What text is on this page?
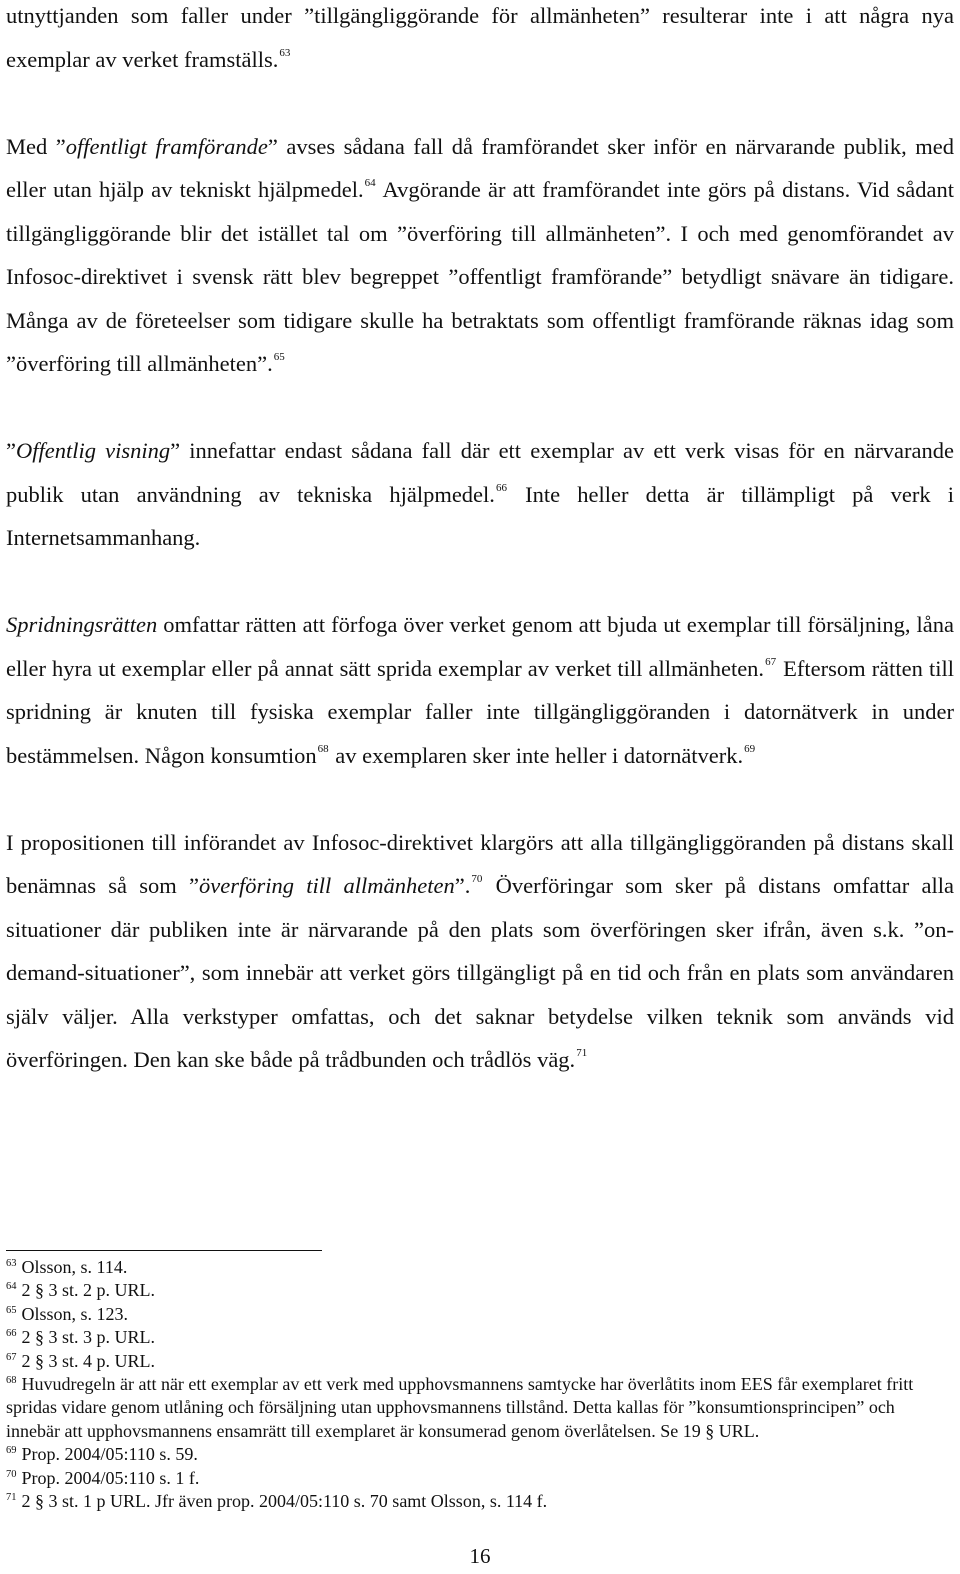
utnyttjanden som faller under ”tillgängliggörande för allmänheten” resulterar inte i att några nya exemplar av verket framställs.$^{63}$

Med ”offentligt framförande” avses sådana fall då framförandet sker inför en närvarande publik, med eller utan hjälp av tekniskt hjälpmedel.$^{64}$ Avgörande är att framförandet inte görs på distans. Vid sådant tillgängliggörande blir det istället tal om ”överföring till allmänheten”. I och med genomförandet av Infosoc-direktivet i svensk rätt blev begreppet ”offentligt framförande” betydligt snävare än tidigare. Många av de företeelser som tidigare skulle ha betraktats som offentligt framförande räknas idag som ”överföring till allmänheten”.$^{65}$

”Offentlig visning” innefattar endast sådana fall där ett exemplar av ett verk visas för en närvarande publik utan användning av tekniska hjälpmedel.$^{66}$ Inte heller detta är tillämpligt på verk i Internetsammanhang.

Spridningsrätten omfattar rätten att förfoga över verket genom att bjuda ut exemplar till försäljning, låna eller hyra ut exemplar eller på annat sätt sprida exemplar av verket till allmänheten.$^{67}$ Eftersom rätten till spridning är knuten till fysiska exemplar faller inte tillgängliggöranden i datornätverk in under bestämmelsen. Någon konsumtion$^{68}$ av exemplaren sker inte heller i datornätverk.$^{69}$

I propositionen till införandet av Infosoc-direktivet klargörs att alla tillgängliggöranden på distans skall benämnas så som ”överföring till allmänheten”.$^{70}$ Överföringar som sker på distans omfattar alla situationer där publiken inte är närvarande på den plats som överföringen sker ifrån, även s.k. ”on-demand-situationer”, som innebär att verket görs tillgängligt på en tid och från en plats som användaren själv väljer. Alla verkstyper omfattas, och det saknar betydelse vilken teknik som används vid överföringen. Den kan ske både på trådbunden och trådlös väg.$^{71}$

$^{63}$ Olsson, s. 114.
$^{64}$ 2 § 3 st. 2 p. URL.
$^{65}$ Olsson, s. 123.
$^{66}$ 2 § 3 st. 3 p. URL.
$^{67}$ 2 § 3 st. 4 p. URL.
$^{68}$ Huvudregeln är att när ett exemplar av ett verk med upphovsmannens samtycke har överlåtits inom EES får exemplaret fritt spridas vidare genom utlåning och försäljning utan upphovsmannens tillstånd. Detta kallas för ”konsumtionsprincipen” och innebär att upphovsmannens ensamrätt till exemplaret är konsumerad genom överlåtelsen. Se 19 § URL.
$^{69}$ Prop. 2004/05:110 s. 59.
$^{70}$ Prop. 2004/05:110 s. 1 f.
$^{71}$ 2 § 3 st. 1 p URL. Jfr även prop. 2004/05:110 s. 70 samt Olsson, s. 114 f.
16
